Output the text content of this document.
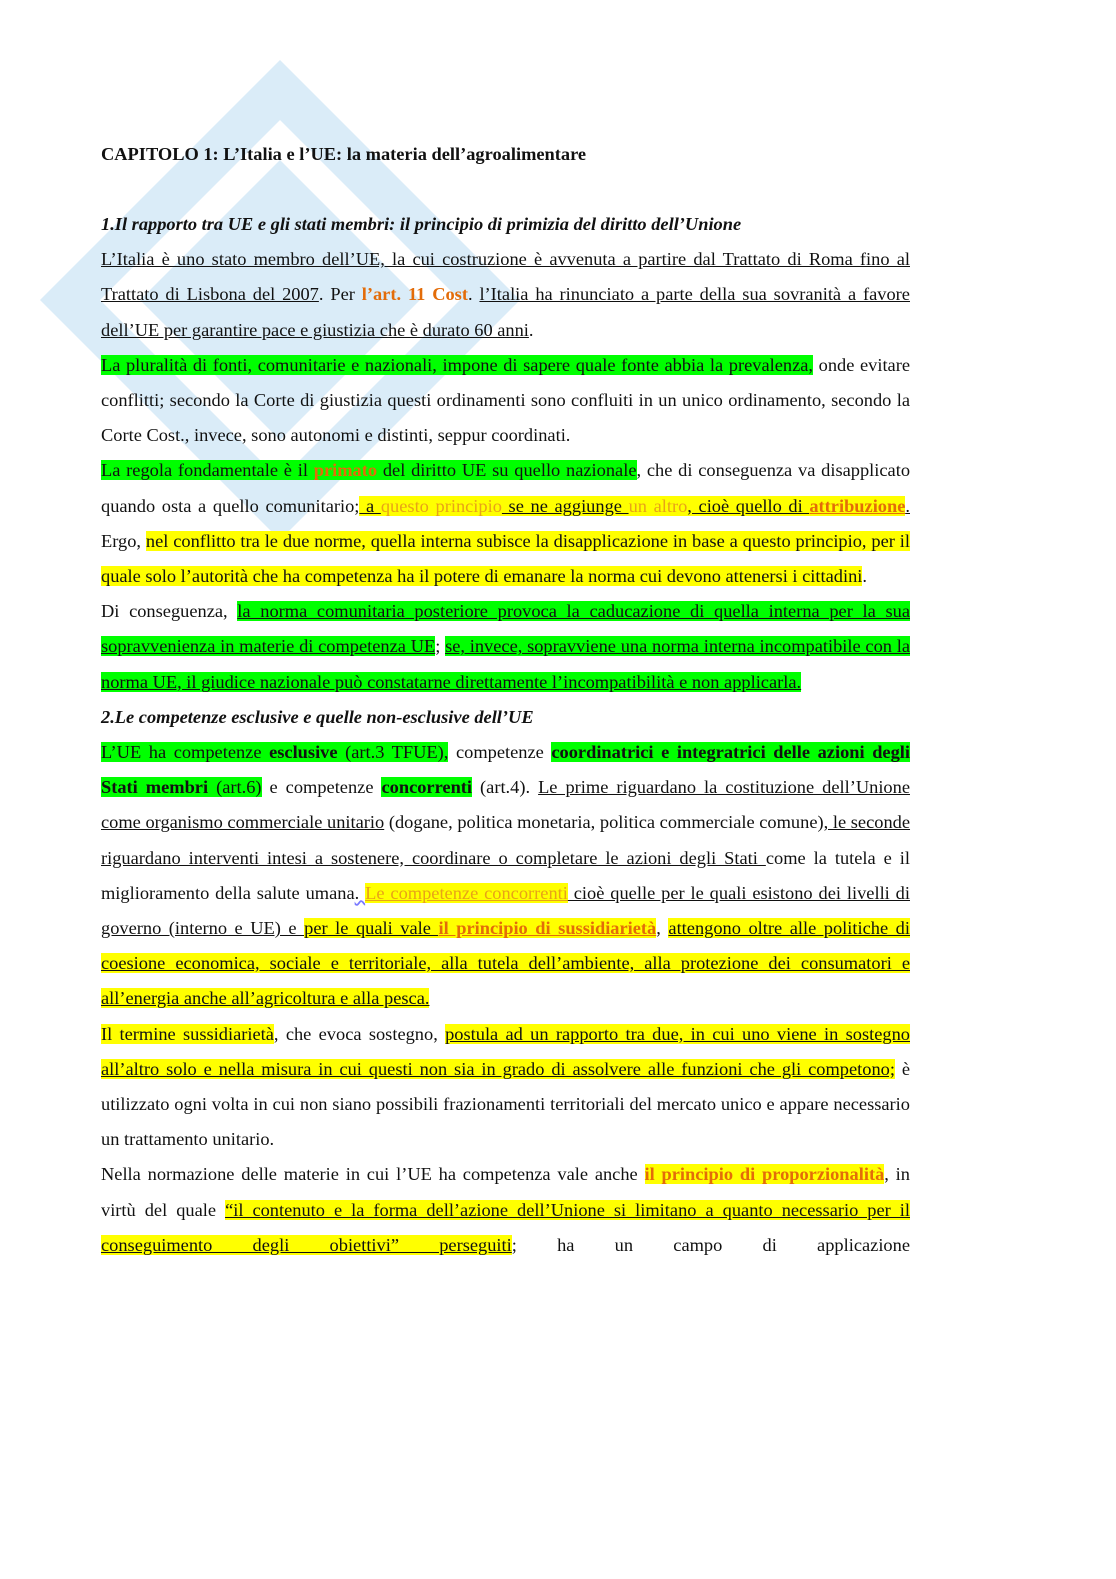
CAPITOLO 1: L’Italia e l’UE: la materia dell’agroalimentare
1.Il rapporto tra UE e gli stati membri: il principio di primizia del diritto dell’Unione

L’Italia è uno stato membro dell’UE, la cui costruzione è avvenuta a partire dal Trattato di Roma fino al Trattato di Lisbona del 2007. Per l’art. 11 Cost. l’Italia ha rinunciato a parte della sua sovranità a favore dell’UE per garantire pace e giustizia che è durato 60 anni.

La pluralità di fonti, comunitarie e nazionali, impone di sapere quale fonte abbia la prevalenza, onde evitare conflitti; secondo la Corte di giustizia questi ordinamenti sono confluiti in un unico ordinamento, secondo la Corte Cost., invece, sono autonomi e distinti, seppur coordinati.

La regola fondamentale è il primato del diritto UE su quello nazionale, che di conseguenza va disapplicato quando osta a quello comunitario; a questo principio se ne aggiunge un altro, cioè quello di attribuzione. Ergo, nel conflitto tra le due norme, quella interna subisce la disapplicazione in base a questo principio, per il quale solo l’autorità che ha competenza ha il potere di emanare la norma cui devono attenersi i cittadini.

Di conseguenza, la norma comunitaria posteriore provoca la caducazione di quella interna per la sua sopravvenienza in materie di competenza UE; se, invece, sopravviene una norma interna incompatibile con la norma UE, il giudice nazionale può constatarne direttamente l’incompatibilità e non applicarla.

2.Le competenze esclusive e quelle non-esclusive dell’UE

L’UE ha competenze esclusive (art.3 TFUE), competenze coordinatrici e integratrici delle azioni degli Stati membri (art.6) e competenze concorrenti (art.4). Le prime riguardano la costituzione dell’Unione come organismo commerciale unitario (dogane, politica monetaria, politica commerciale comune), le seconde riguardano interventi intesi a sostenere, coordinare o completare le azioni degli Stati come la tutela e il miglioramento della salute umana. Le competenze concorrenti cioè quelle per le quali esistono dei livelli di governo (interno e UE) e per le quali vale il principio di sussidiarietà, attengono oltre alle politiche di coesione economica, sociale e territoriale, alla tutela dell’ambiente, alla protezione dei consumatori e all’energia anche all’agricoltura e alla pesca.

Il termine sussidiarietà, che evoca sostegno, postula ad un rapporto tra due, in cui uno viene in sostegno all’altro solo e nella misura in cui questi non sia in grado di assolvere alle funzioni che gli competono; è utilizzato ogni volta in cui non siano possibili frazionamenti territoriali del mercato unico e appare necessario un trattamento unitario.

Nella normazione delle materie in cui l’UE ha competenza vale anche il principio di proporzionalità, in virtù del quale “il contenuto e la forma dell’azione dell’Unione si limitano a quanto necessario per il conseguimento degli obiettivi” perseguiti; ha un campo di applicazione
